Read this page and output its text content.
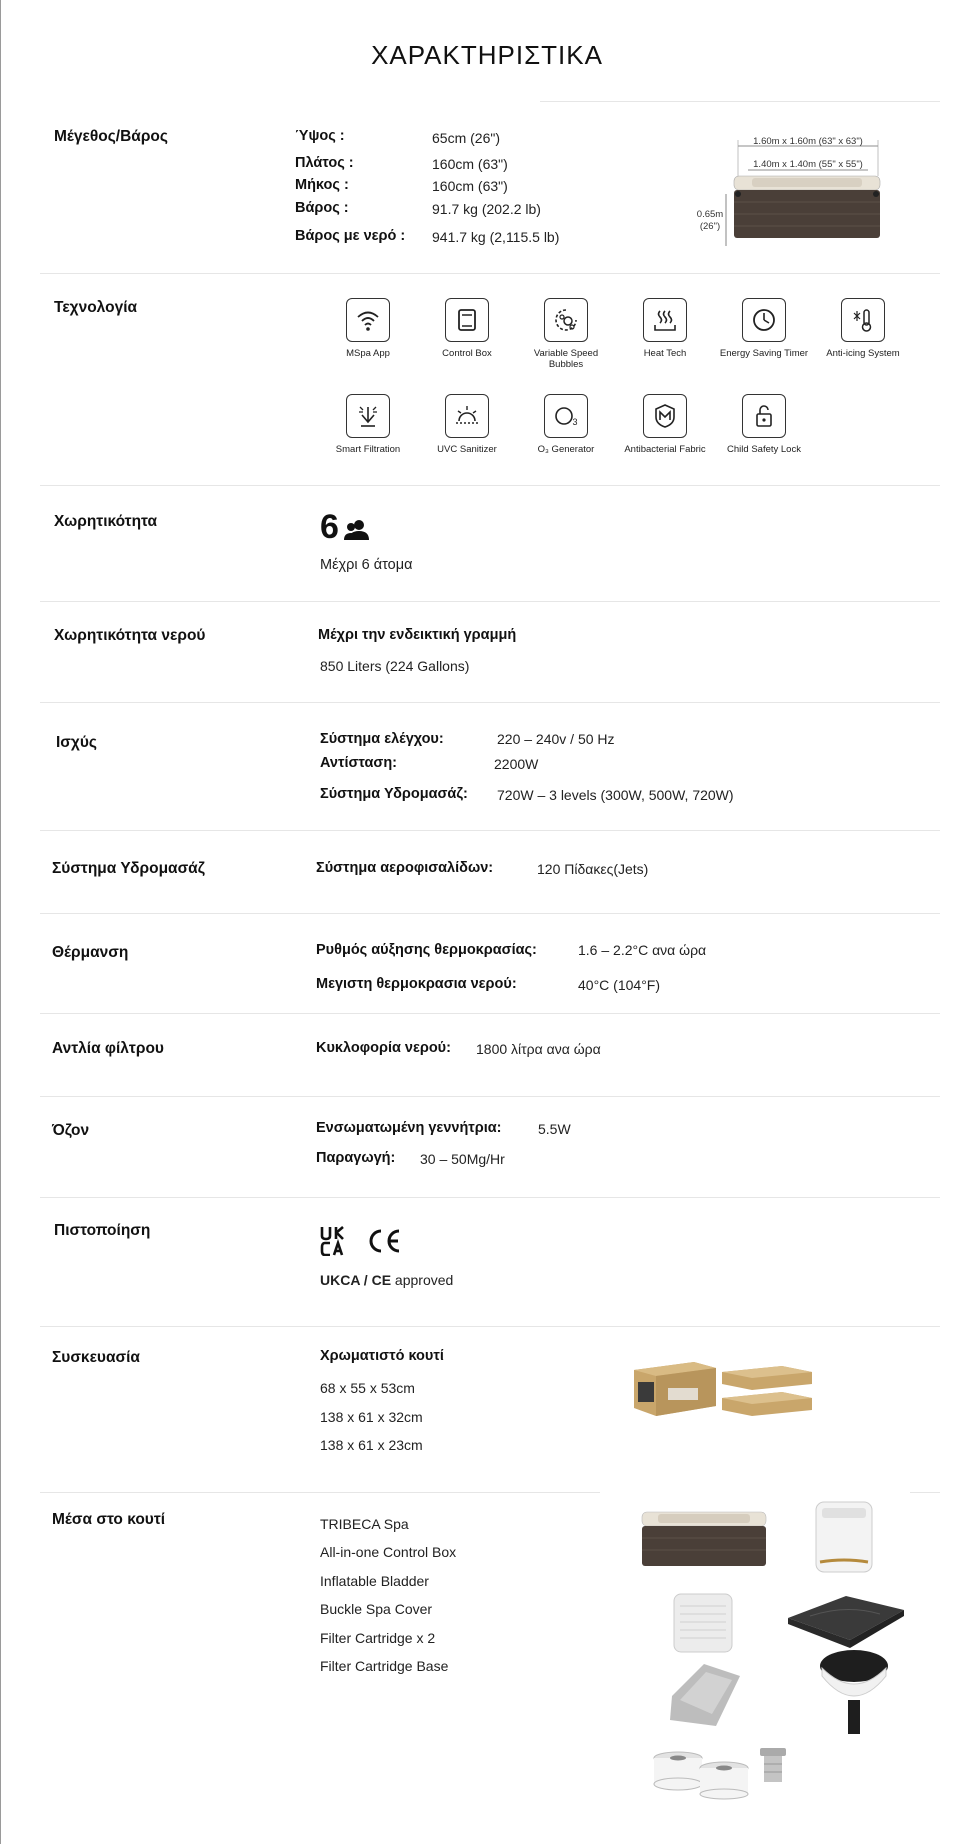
ΧΑΡΑΚΤΗΡΙΣΤΙΚΑ
Μέγεθος/Βάρος	Ύψος :	65cm (26")
Πλάτος :	160cm (63")
Μήκος :	160cm (63")
Βάρος :	91.7 kg (202.2 lb)
Βάρος με νερό : 941.7 kg (2,115.5 lb)
1.60m x 1.60m (63" x 63")
1.40m x 1.40m (55" x 55")
0.65m
(26")
Τεχνολογία
MSpa App	Control Box	Variable Speed Bubbles
Heat Tech	Energy Saving Timer	Anti-icing System
Smart Filtration	UVC Sanitizer
3
O₃ Generator	Antibacterial Fabric	Child Safety Lock
Χωρητικότητα	6
Μέχρι 6 άτομα
Χωρητικότητα νερού	Μέχρι την ενδεικτική γραμμή
850 Liters (224 Gallons)
Ισχύς	Σύστημα ελέγχου:	220 – 240v / 50 Hz
Αντίσταση:	2200W
Σύστημα Υδρομασάζ: 720W – 3 levels (300W, 500W, 720W)
Σύστημα Υδρομασάζ	Σύστημα αεροφισαλίδων:	120 Πίδακες(Jets)
Θέρμανση	Ρυθμός αύξησης θερμοκρασίας:	1.6 – 2.2°C ανα ώρα
Μεγιστη θερμοκρασια νερού:	40°C (104°F)
Αντλία φίλτρου	Κυκλοφορία νερού: 1800 λίτρα ανα ώρα
Όζον	Ενσωματωμένη γεννήτρια:	5.5W
Παραγωγή: 30 – 50Mg/Hr
Πιστοποίηση	UKCA
CE
UKCA / CE approved
Συσκευασία	Χρωματιστό κουτί
68 x 55 x 53cm
138 x 61 x 32cm
138 x 61 x 23cm
Μέσα στο κουτί	TRIBECA Spa
All-in-one Control Box
Inflatable Bladder
Buckle Spa Cover
Filter Cartridge x 2
Filter Cartridge Base
